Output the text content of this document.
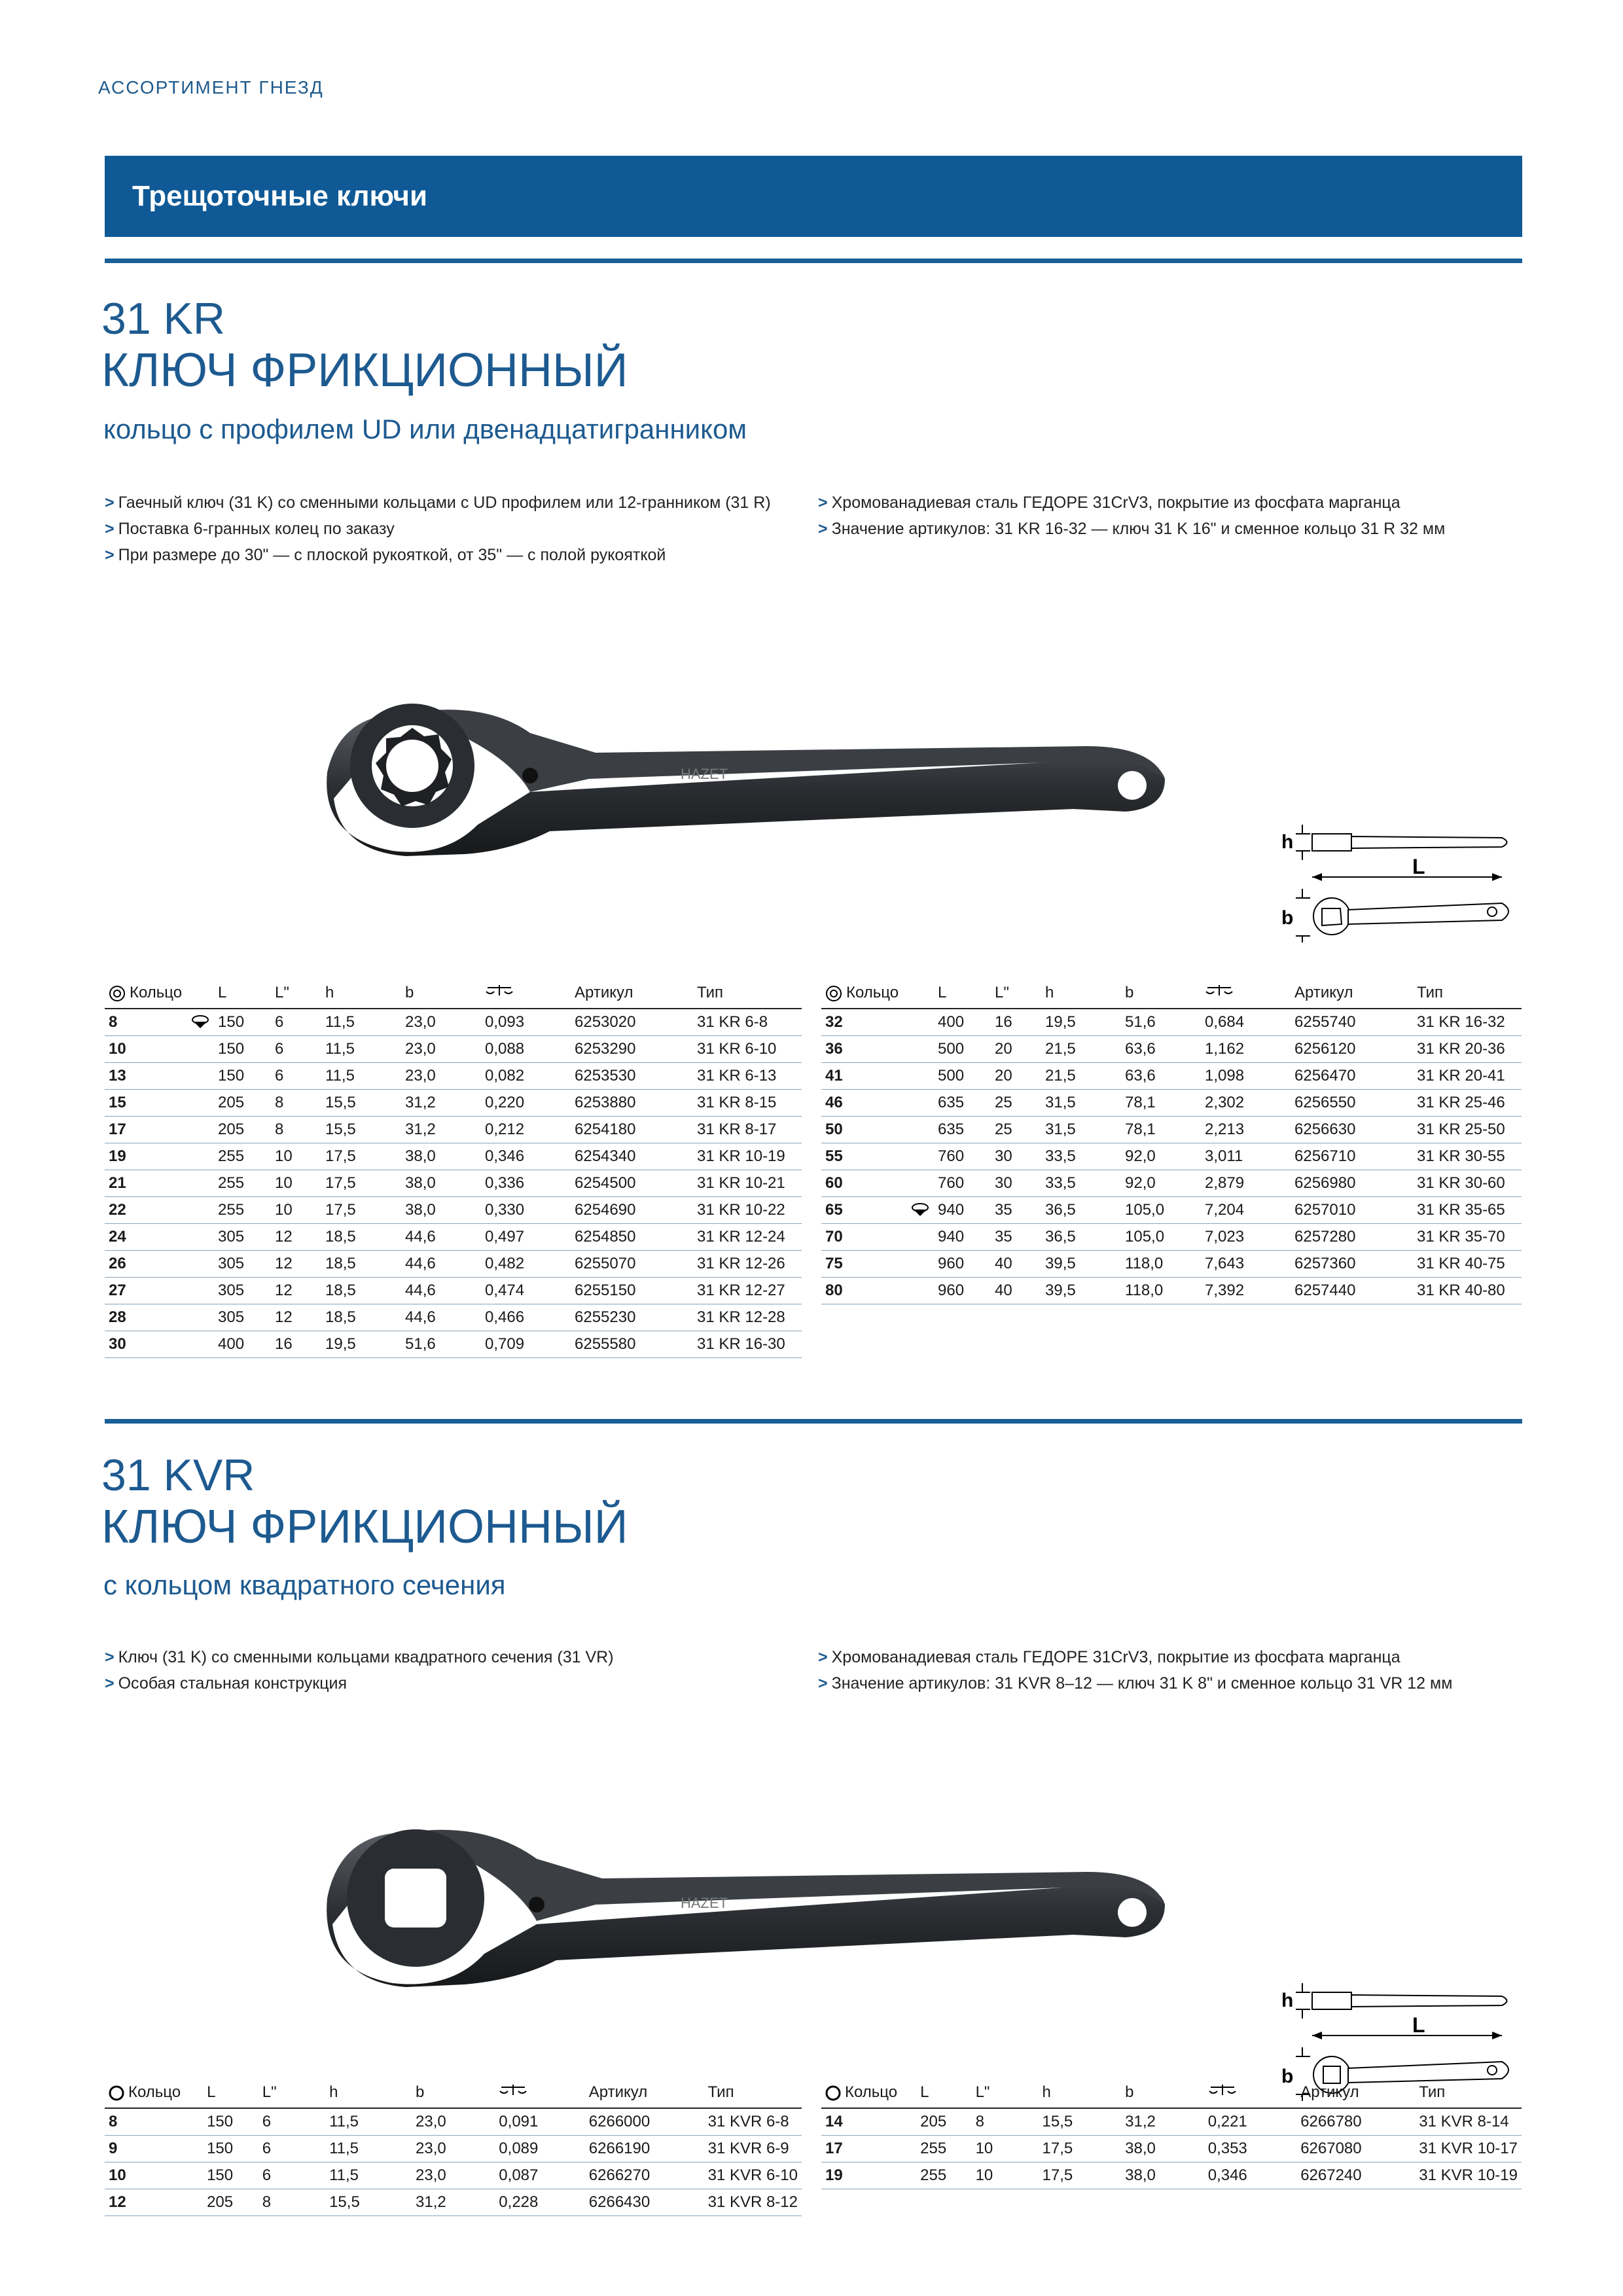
АССОРТИМЕНТ ГНЕЗД
Трещоточные ключи
31 KR
КЛЮЧ ФРИКЦИОННЫЙ
кольцо с профилем UD или двенадцатигранником
> Гаечный ключ (31 K) со сменными кольцами с UD профилем или 12-гранником (31 R)
> Поставка 6-гранных колец по заказу
> При размере до 30" — с плоской рукояткой, от 35" — с полой рукояткой
> Хромованадиевая сталь ГЕДОРЕ 31CrV3, покрытие из фосфата марганца
> Значение артикулов: 31 KR 16-32 — ключ 31 K 16" и сменное кольцо 31 R 32 мм
HAZET
h
L
b
Кольцо	L	L"	h	b		Артикул	Тип
8	150	6	11,5	23,0	0,093	6253020	31 KR 6-8
10	150	6	11,5	23,0	0,088	6253290	31 KR 6-10
13	150	6	11,5	23,0	0,082	6253530	31 KR 6-13
15	205	8	15,5	31,2	0,220	6253880	31 KR 8-15
17	205	8	15,5	31,2	0,212	6254180	31 KR 8-17
19	255	10	17,5	38,0	0,346	6254340	31 KR 10-19
21	255	10	17,5	38,0	0,336	6254500	31 KR 10-21
22	255	10	17,5	38,0	0,330	6254690	31 KR 10-22
24	305	12	18,5	44,6	0,497	6254850	31 KR 12-24
26	305	12	18,5	44,6	0,482	6255070	31 KR 12-26
27	305	12	18,5	44,6	0,474	6255150	31 KR 12-27
28	305	12	18,5	44,6	0,466	6255230	31 KR 12-28
30	400	16	19,5	51,6	0,709	6255580	31 KR 16-30
Кольцо	L	L"	h	b		Артикул	Тип
32	400	16	19,5	51,6	0,684	6255740	31 KR 16-32
36	500	20	21,5	63,6	1,162	6256120	31 KR 20-36
41	500	20	21,5	63,6	1,098	6256470	31 KR 20-41
46	635	25	31,5	78,1	2,302	6256550	31 KR 25-46
50	635	25	31,5	78,1	2,213	6256630	31 KR 25-50
55	760	30	33,5	92,0	3,011	6256710	31 KR 30-55
60	760	30	33,5	92,0	2,879	6256980	31 KR 30-60
65	940	35	36,5	105,0	7,204	6257010	31 KR 35-65
70	940	35	36,5	105,0	7,023	6257280	31 KR 35-70
75	960	40	39,5	118,0	7,643	6257360	31 KR 40-75
80	960	40	39,5	118,0	7,392	6257440	31 KR 40-80
31 KVR
КЛЮЧ ФРИКЦИОННЫЙ
с кольцом квадратного сечения
> Ключ (31 K) со сменными кольцами квадратного сечения (31 VR)
> Особая стальная конструкция
> Хромованадиевая сталь ГЕДОРЕ 31CrV3, покрытие из фосфата марганца
> Значение артикулов: 31 KVR 8–12 — ключ 31 K 8" и сменное кольцо 31 VR 12 мм
HAZET
h
L
b
Кольцо	L	L"	h	b		Артикул	Тип
8	150	6	11,5	23,0	0,091	6266000	31 KVR 6-8
9	150	6	11,5	23,0	0,089	6266190	31 KVR 6-9
10	150	6	11,5	23,0	0,087	6266270	31 KVR 6-10
12	205	8	15,5	31,2	0,228	6266430	31 KVR 8-12
Кольцо	L	L"	h	b		Артикул	Тип
14	205	8	15,5	31,2	0,221	6266780	31 KVR 8-14
17	255	10	17,5	38,0	0,353	6267080	31 KVR 10-17
19	255	10	17,5	38,0	0,346	6267240	31 KVR 10-19
